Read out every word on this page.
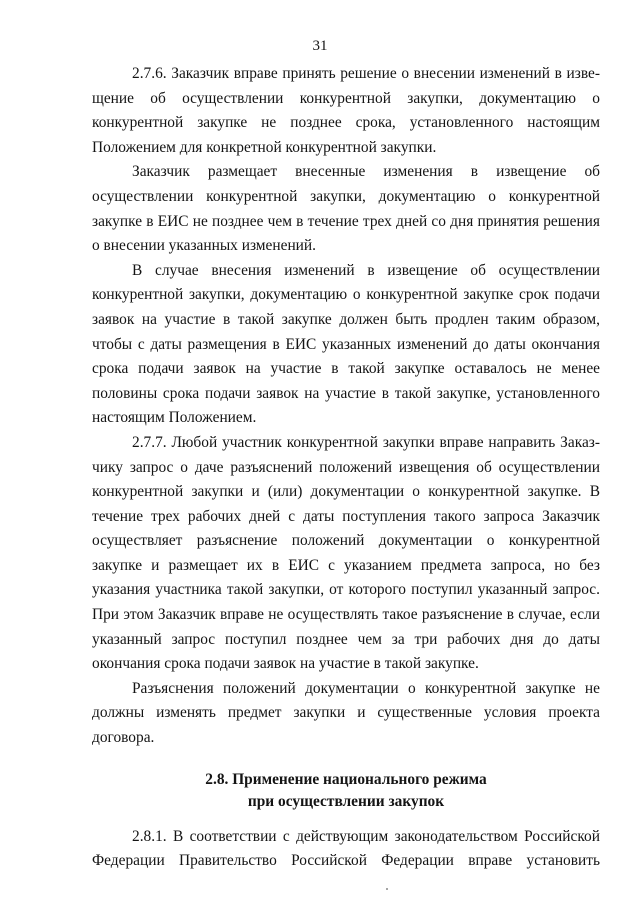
31

2.7.6. Заказчик вправе принять решение о внесении изменений в извещение об осуществлении конкурентной закупки, документацию о конкурентной закупке не позднее срока, установленного настоящим Положением для конкретной конкурентной закупки.

Заказчик размещает внесенные изменения в извещение об осуществлении конкурентной закупки, документацию о конкурентной закупке в ЕИС не позднее чем в течение трех дней со дня принятия решения о внесении указанных изменений.

В случае внесения изменений в извещение об осуществлении конкурентной закупки, документацию о конкурентной закупке срок подачи заявок на участие в такой закупке должен быть продлен таким образом, чтобы с даты размещения в ЕИС указанных изменений до даты окончания срока подачи заявок на участие в такой закупке оставалось не менее половины срока подачи заявок на участие в такой закупке, установленного настоящим Положением.

2.7.7. Любой участник конкурентной закупки вправе направить Заказчику запрос о даче разъяснений положений извещения об осуществлении конкурентной закупки и (или) документации о конкурентной закупке. В течение трех рабочих дней с даты поступления такого запроса Заказчик осуществляет разъяснение положений документации о конкурентной закупке и размещает их в ЕИС с указанием предмета запроса, но без указания участника такой закупки, от которого поступил указанный запрос. При этом Заказчик вправе не осуществлять такое разъяснение в случае, если указанный запрос поступил позднее чем за три рабочих дня до даты окончания срока подачи заявок на участие в такой закупке.

Разъяснения положений документации о конкурентной закупке не должны изменять предмет закупки и существенные условия проекта договора.

2.8. Применение национального режима
при осуществлении закупок

2.8.1. В соответствии с действующим законодательством Российской Федерации Правительство Российской Федерации вправе установить
